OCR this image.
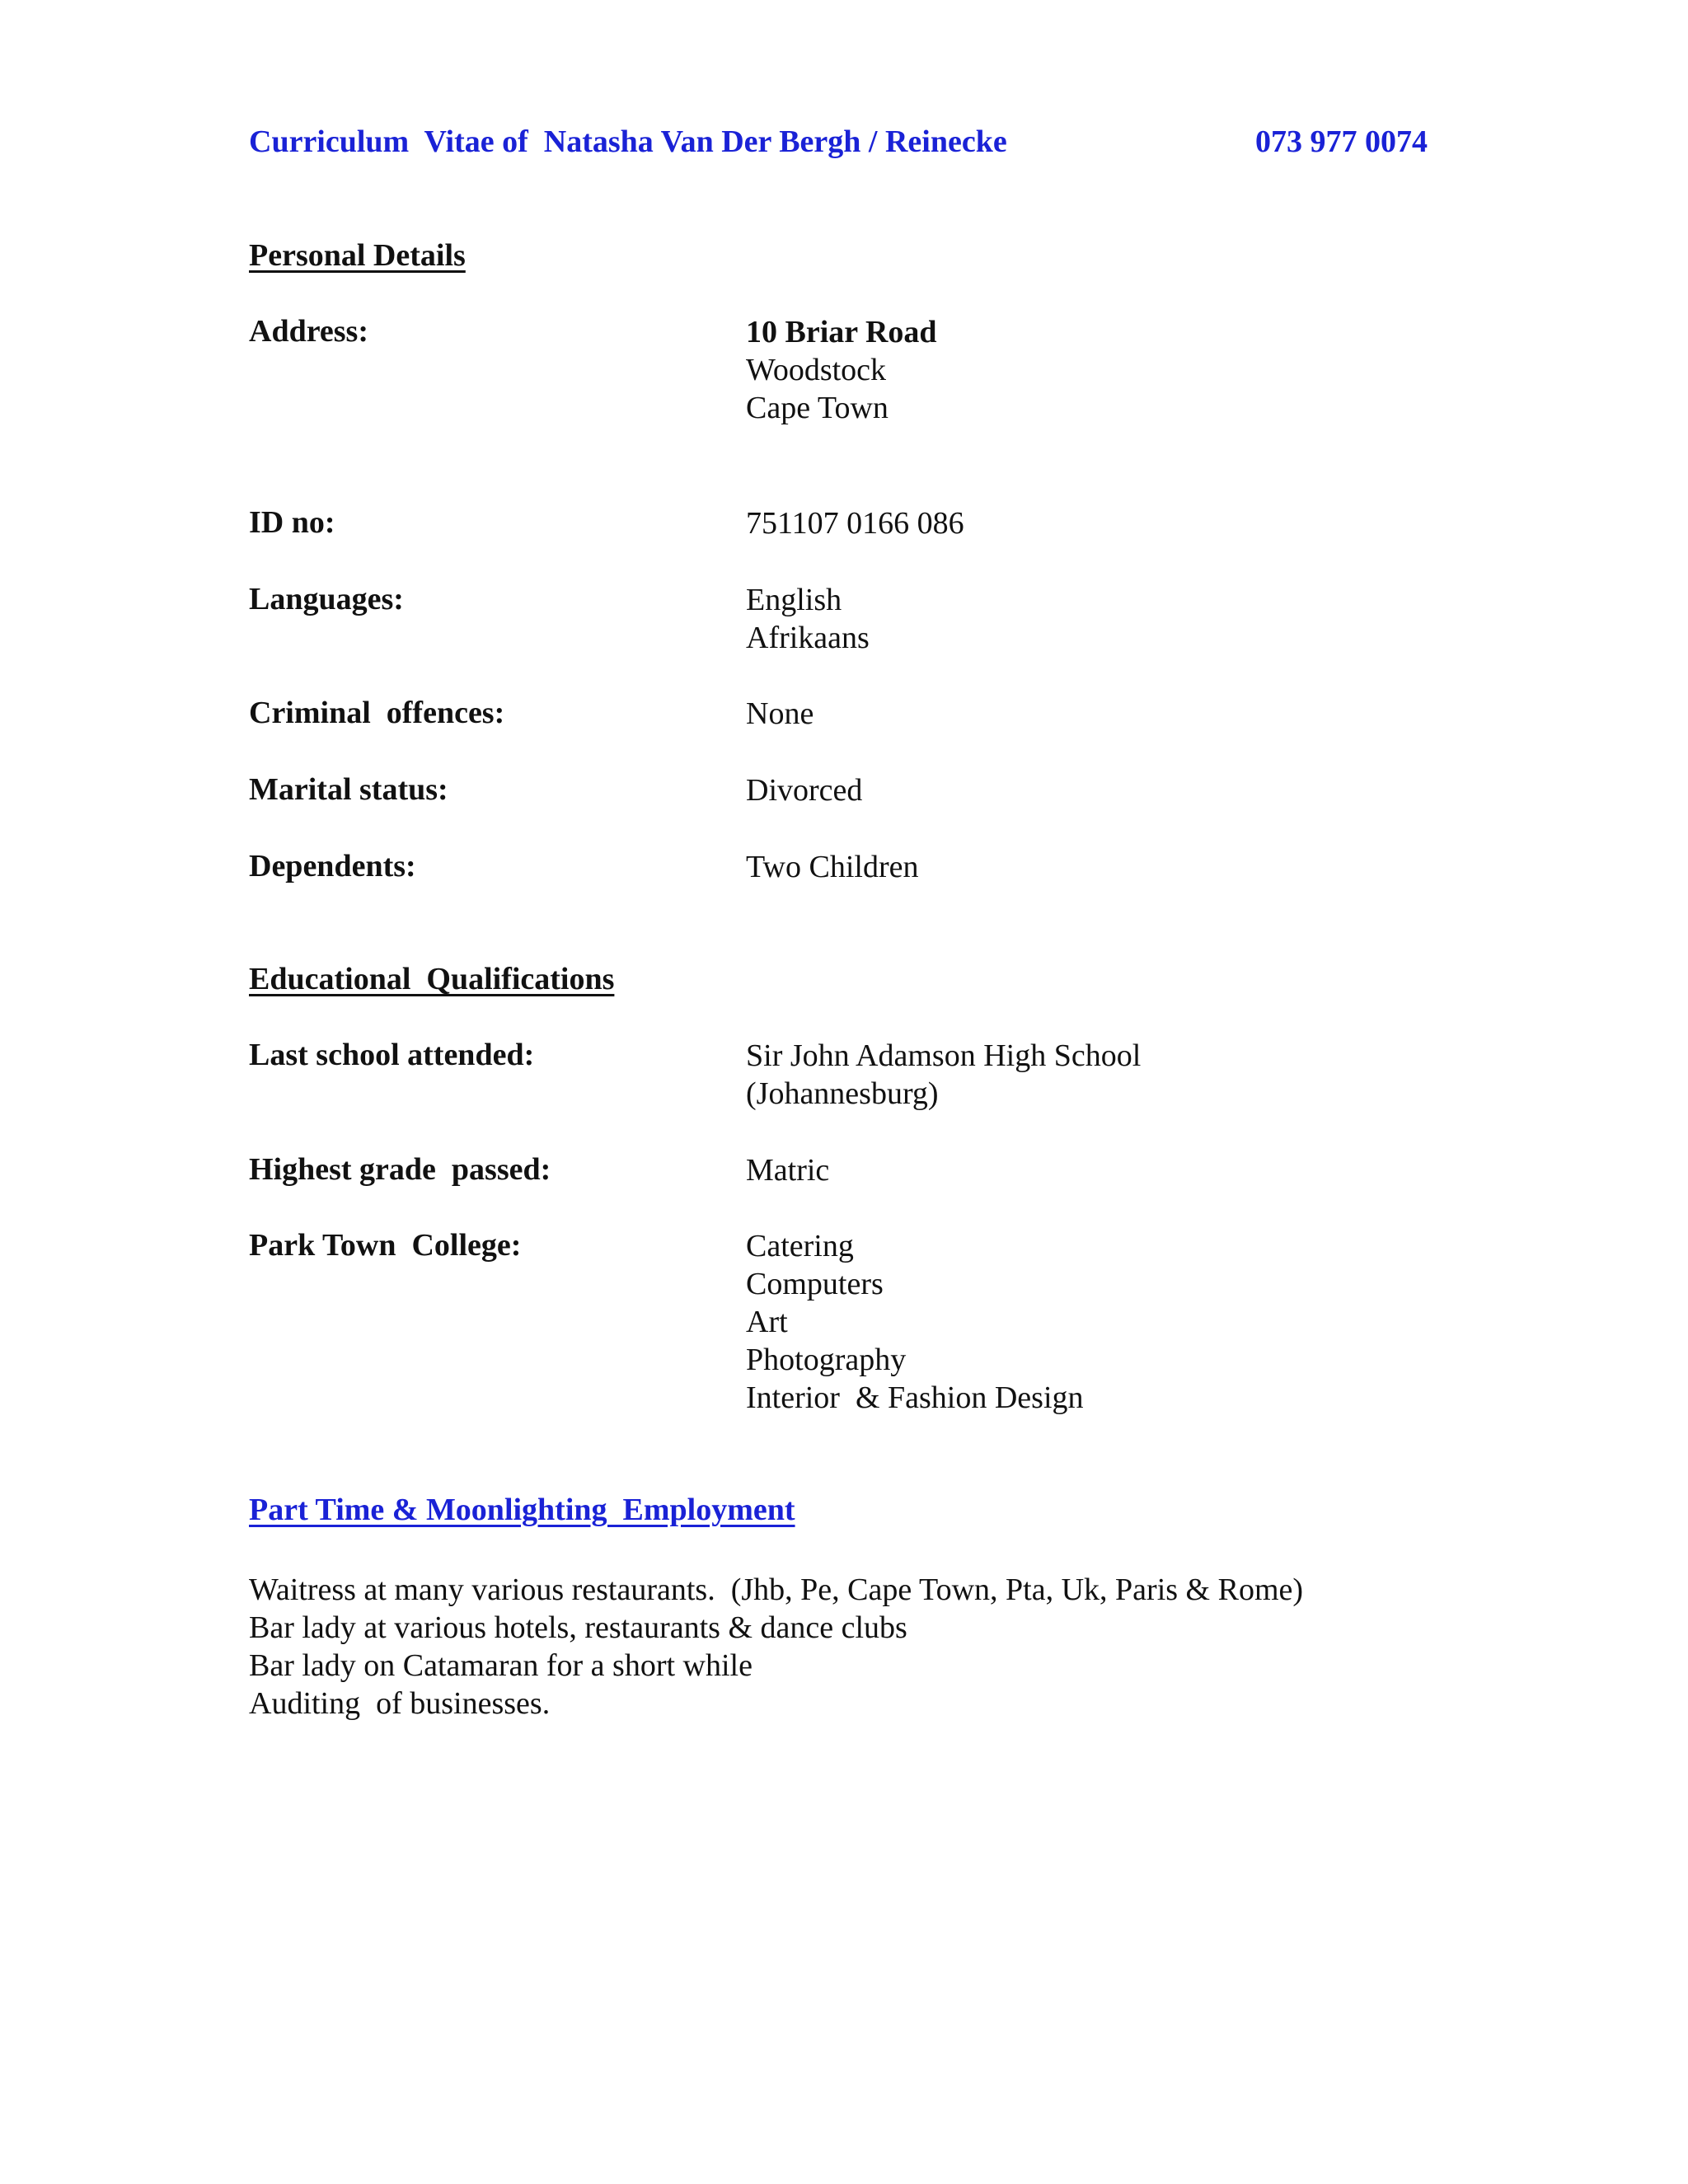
Curriculum  Vitae of  Natasha Van Der Bergh / Reinecke	073 977 0074
Personal Details
Address:	10 Briar Road
Woodstock
Cape Town
ID no:	751107 0166 086
Languages:	English
Afrikaans
Criminal  offences:	None
Marital status:	Divorced
Dependents:	Two Children
Educational  Qualifications
Last school attended:	Sir John Adamson High School
(Johannesburg)
Highest grade  passed:	Matric
Park Town  College:	Catering
Computers
Art
Photography
Interior  & Fashion Design
Part Time & Moonlighting  Employment
Waitress at many various restaurants.  (Jhb, Pe, Cape Town, Pta, Uk, Paris & Rome)
Bar lady at various hotels, restaurants & dance clubs
Bar lady on Catamaran for a short while
Auditing  of businesses.
